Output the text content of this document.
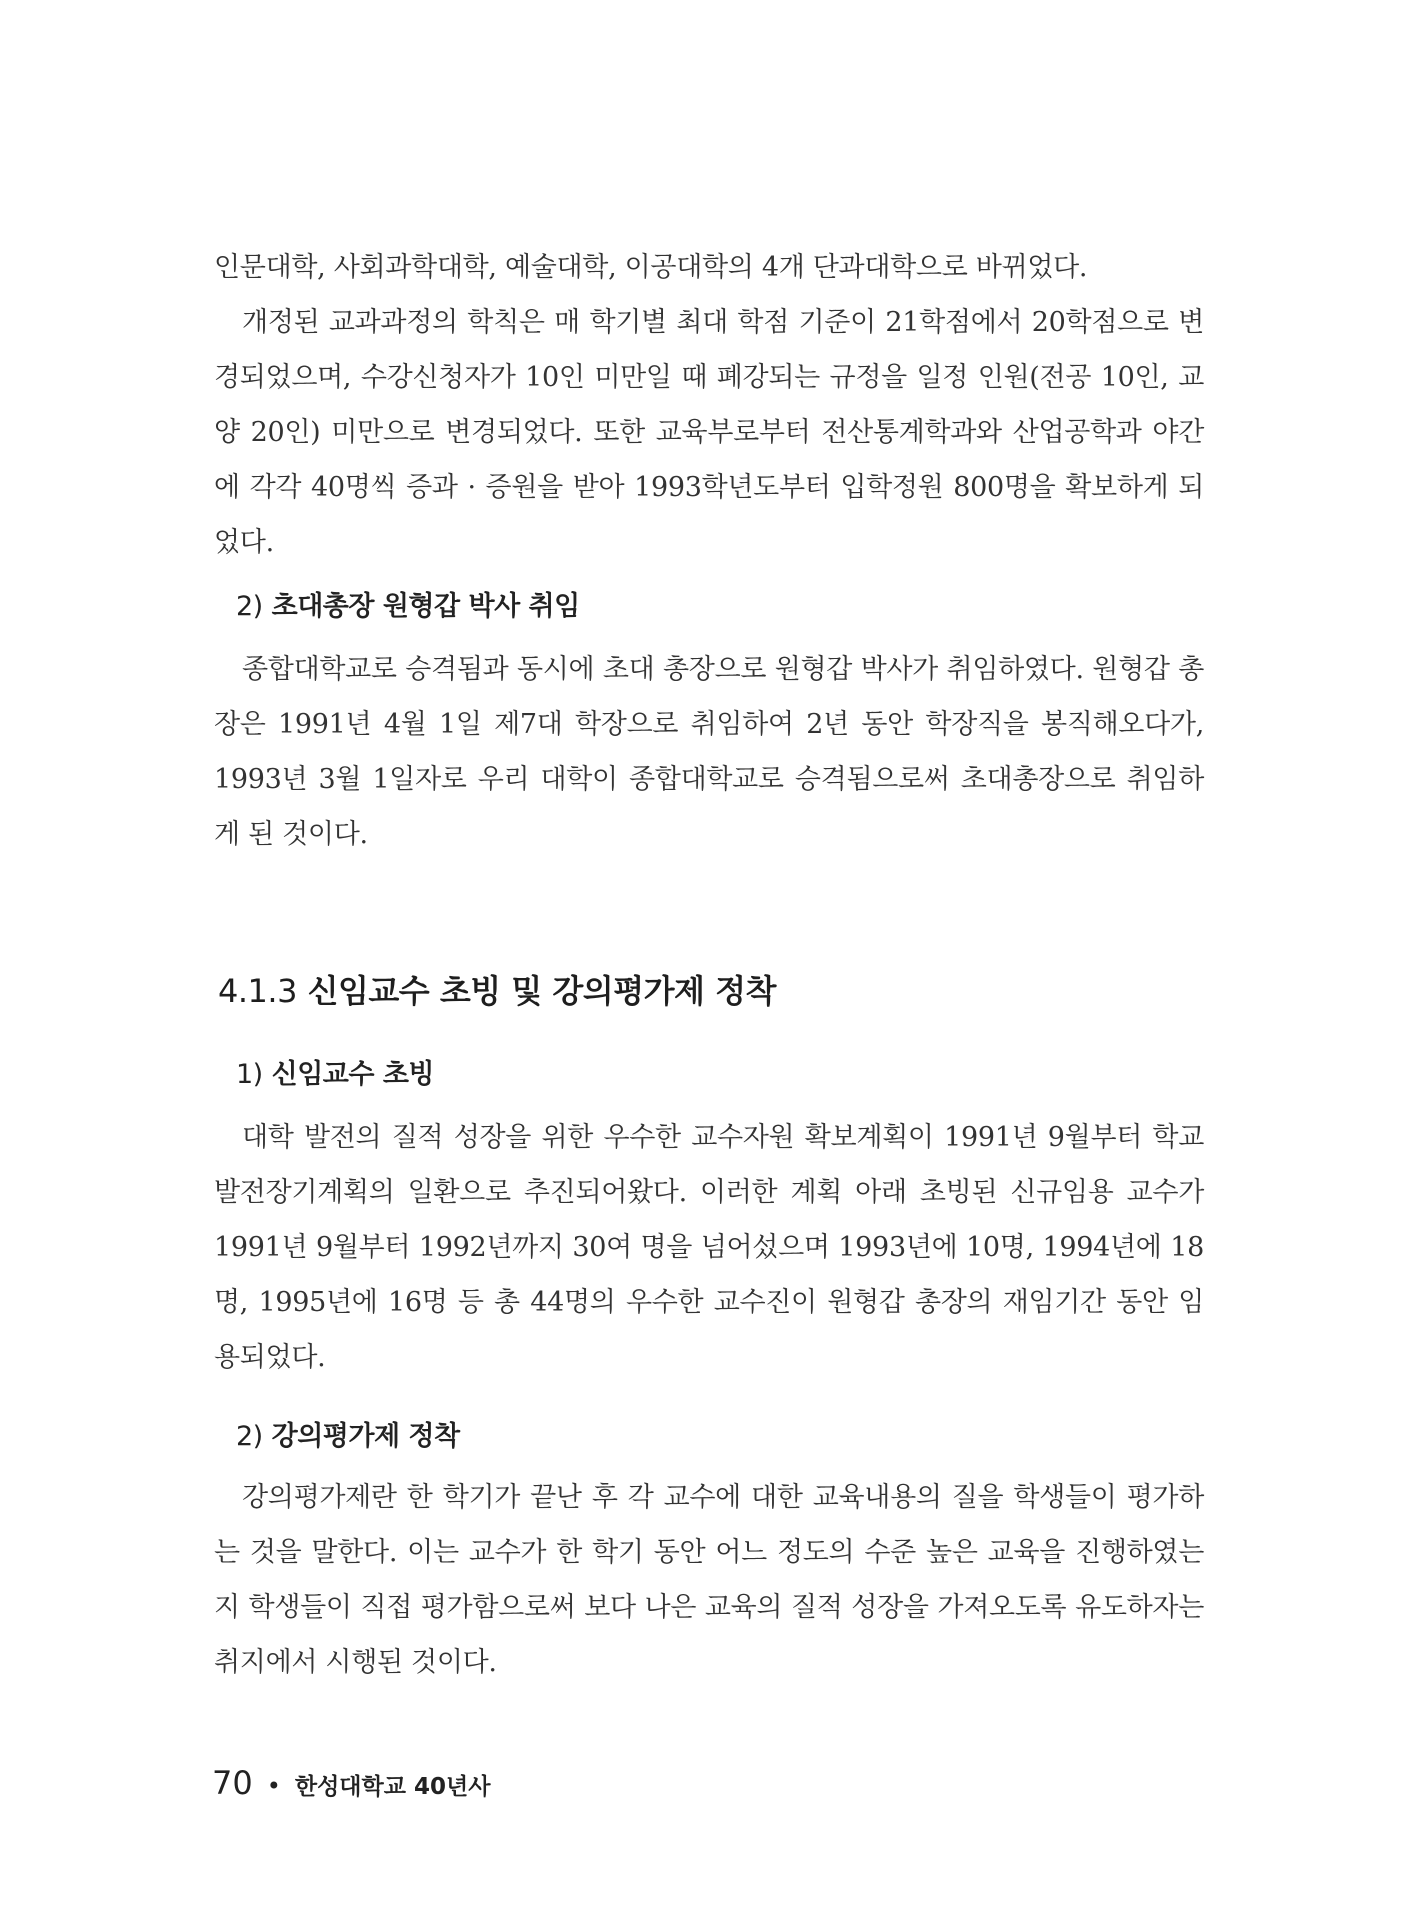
인문대학, 사회과학대학, 예술대학, 이공대학의 4개 단과대학으로 바뀌었다.

개정된 교과과정의 학칙은 매 학기별 최대 학점 기준이 21학점에서 20학점으로 변경되었으며, 수강신청자가 10인 미만일 때 폐강되는 규정을 일정 인원(전공 10인, 교양 20인) 미만으로 변경되었다. 또한 교육부로부터 전산통계학과와 산업공학과 야간에 각각 40명씩 증과 · 증원을 받아 1993학년도부터 입학정원 800명을 확보하게 되었다.

2) 초대총장 원형갑 박사 취임

종합대학교로 승격됨과 동시에 초대 총장으로 원형갑 박사가 취임하였다. 원형갑 총장은 1991년 4월 1일 제7대 학장으로 취임하여 2년 동안 학장직을 봉직해오다가, 1993년 3월 1일자로 우리 대학이 종합대학교로 승격됨으로써 초대총장으로 취임하게 된 것이다.

4.1.3 신임교수 초빙 및 강의평가제 정착
1) 신임교수 초빙

대학 발전의 질적 성장을 위한 우수한 교수자원 확보계획이 1991년 9월부터 학교발전장기계획의 일환으로 추진되어왔다. 이러한 계획 아래 초빙된 신규임용 교수가 1991년 9월부터 1992년까지 30여 명을 넘어섰으며 1993년에 10명, 1994년에 18명, 1995년에 16명 등 총 44명의 우수한 교수진이 원형갑 총장의 재임기간 동안 임용되었다.

2) 강의평가제 정착

강의평가제란 한 학기가 끝난 후 각 교수에 대한 교육내용의 질을 학생들이 평가하는 것을 말한다. 이는 교수가 한 학기 동안 어느 정도의 수준 높은 교육을 진행하였는지 학생들이 직접 평가함으로써 보다 나은 교육의 질적 성장을 가져오도록 유도하자는 취지에서 시행된 것이다.

70 • 한성대학교 40년사
